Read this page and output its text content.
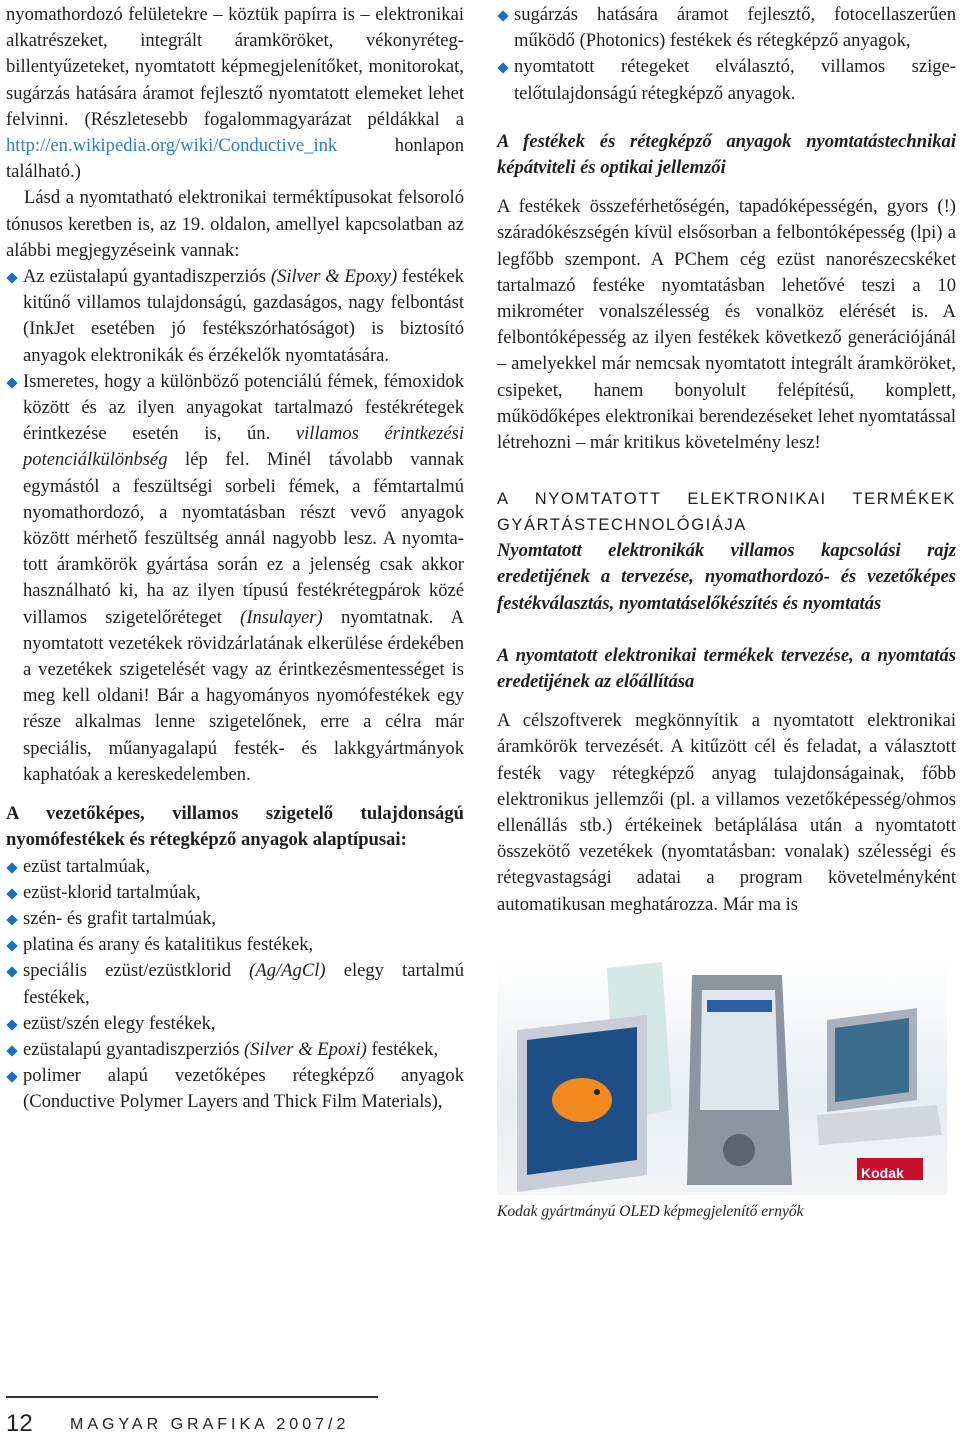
nyomathordozó felületekre – köztük papírra is – elektronikai alkatrészeket, integrált áramköröket, vékonyréteg-billentyűzeteket, nyomtatott képmegjelenítőket, monitorokat, sugárzás hatására áramot fejlesztő nyomtatott elemeket lehet felvinni. (Részletesebb fogalommagyarázat példákkal a http://en.wikipedia.org/wiki/Conductive_ink honlapon található.)

Lásd a nyomtatható elektronikai terméktípusokat felsoroló tónusos keretben is, az 19. oldalon, amellyel kapcsolatban az alábbi megjegyzéseink vannak:

Az ezüstalapú gyantadiszperziós (Silver & Epoxy) festékek kitűnő villamos tulajdonságú, gazdaságos, nagy felbontást (InkJet esetében jó festékszórhatóságot) is biztosító anyagok elektronikák és érzékelők nyomtatására.
Ismeretes, hogy a különböző potenciálú fémek, fémoxidok között és az ilyen anyagokat tartalmazó festékrétegek érintkezése esetén is, ún. villamos érintkezési potenciálkülönbség lép fel. Minél távolabb vannak egymástól a feszültségi sorbeli fémek, a fémtartalmú nyomathordozó, a nyomtatásban részt vevő anyagok között mérhető feszültség annál nagyobb lesz. A nyomtatott áramkörök gyártása során ez a jelenség csak akkor használható ki, ha az ilyen típusú festékrétegpárok közé villamos szigetelőréteget (Insulayer) nyomtatnak. A nyomtatott vezetékek rövidzárlatának elkerülése érdekében a vezetékek szigetelését vagy az érintkezésmentességet is meg kell oldani! Bár a hagyományos nyomófestékek egy része alkalmas lenne szigetelőnek, erre a célra már speciális, műanyagalapú festék- és lakkgyártmányok kaphatóak a kereskedelemben.

A vezetőképes, villamos szigetelő tulajdonságú nyomófestékek és rétegképző anyagok alaptípusai:

ezüst tartalmúak,
ezüst-klorid tartalmúak,
szén- és grafit tartalmúak,
platina és arany és katalitikus festékek,
speciális ezüst/ezüstklorid (Ag/AgCl) elegy tartalmú festékek,
ezüst/szén elegy festékek,
ezüstalapú gyantadiszperziós (Silver & Epoxi) festékek,
polimer alapú vezetőképes rétegképző anyagok (Conductive Polymer Layers and Thick Film Materials),
sugárzás hatására áramot fejlesztő, fotocellaszerűen működő (Photonics) festékek és rétegképző anyagok,
nyomtatott rétegeket elválasztó, villamos szigetelőtulajdonságú rétegképző anyagok.

A festékek és rétegképző anyagok nyomtatástechnikai képátviteli és optikai jellemzői

A festékek összeférhetőségén, tapadóképességén, gyors (!) száradókészségén kívül elsősorban a felbontóképesség (lpi) a legfőbb szempont. A PChem cég ezüst nanorészecskéket tartalmazó festéke nyomtatásban lehetővé teszi a 10 mikrométer vonalszélesség és vonalköz elérését is. A felbontóképesség az ilyen festékek következő generációjánál – amelyekkel már nemcsak nyomtatott integrált áramköröket, csipeket, hanem bonyolult felépítésű, komplett, működőképes elektronikai berendezéseket lehet nyomtatással létrehozni – már kritikus követelmény lesz!

A NYOMTATOTT ELEKTRONIKAI TERMÉKEK GYÁRTÁSTECHNOLÓGIÁJA

Nyomtatott elektronikák villamos kapcsolási rajz eredetijének a tervezése, nyomathordozó- és vezetőképes festékválasztás, nyomtatáselőkészítés és nyomtatás

A nyomtatott elektronikai termékek tervezése, a nyomtatás eredetijének az előállítása

A célszoftverek megkönnyítik a nyomtatott elektronikai áramkörök tervezését. A kitűzött cél és feladat, a választott festék vagy rétegképző anyag tulajdonságainak, főbb elektronikus jellemzői (pl. a villamos vezetőképesség/ohmos ellenállás stb.) értékeinek betáplálása után a nyomtatott összekötő vezetékek (nyomtatásban: vonalak) szélességi és rétegvastagsági adatai a program követelményként automatikusan meghatározza. Már ma is

Kodak

Kodak gyártmányú OLED képmegjelenítő ernyők

12 MAGYAR GRAFIKA 2007/2
